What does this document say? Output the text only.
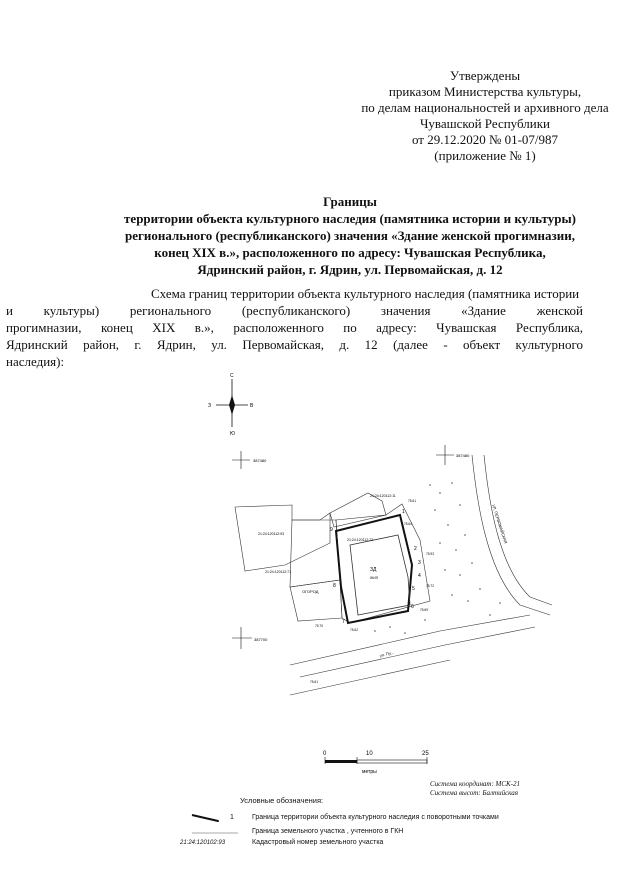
Утверждены
приказом Министерства культуры,
по делам национальностей и архивного дела
Чувашской Республики
от 29.12.2020 № 01-07/987
(приложение № 1)
Границы
территории объекта культурного наследия (памятника истории и культуры)
регионального (республиканского) значения «Здание женской прогимназии,
конец XIX в.», расположенного по адресу: Чувашская Республика,
Ядринский район, г. Ядрин, ул. Первомайская, д. 12
Схема границ территории объекта культурного наследия (памятника истории
и культуры) регионального (республиканского) значения «Здание женской
прогимназии, конец XIX в.», расположенного по адресу: Чувашская Республика,
Ядринский район, г. Ядрин, ул. Первомайская, д. 12 (далее - объект культурного
наследия):
С
Ю
В
З
387480
387480
387700
ЗД
ЖИЛ
21:24:120112:72
21:24:120112:93
21:24:120112:71
21:24:120112:11
ОГОРОД
1
2
3
4
5
6
7
8
9
75.61
75.64
75.93
75.72
75.69
75.62
75.70
75.61
УЛ. ПЕРВОМАЙСКАЯ
ул. Пу...
0	10	25
метры
Система координат: МСК-21
Система высот: Балтийская
Условные обозначения:
1	Граница территории объекта культурного наследия с поворотными точками
Граница земельного участка , учтенного в ГКН
21:24:120102:93	Кадастровый номер земельного участка
